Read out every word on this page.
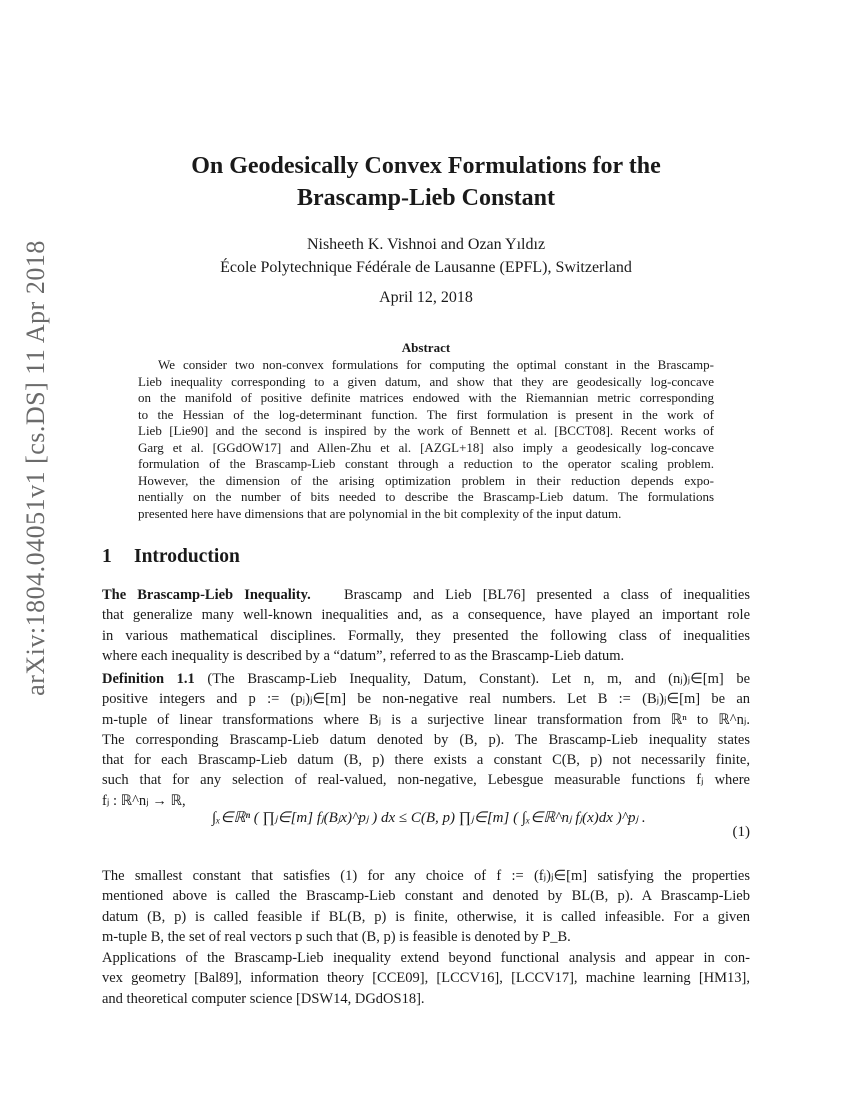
arXiv:1804.04051v1 [cs.DS] 11 Apr 2018
On Geodesically Convex Formulations for the
Brascamp-Lieb Constant
Nisheeth K. Vishnoi and Ozan Yıldız
École Polytechnique Fédérale de Lausanne (EPFL), Switzerland
April 12, 2018
Abstract
We consider two non-convex formulations for computing the optimal constant in the Brascamp-
Lieb inequality corresponding to a given datum, and show that they are geodesically log-concave
on the manifold of positive definite matrices endowed with the Riemannian metric corresponding
to the Hessian of the log-determinant function. The first formulation is present in the work of
Lieb [Lie90] and the second is inspired by the work of Bennett et al. [BCCT08]. Recent works of
Garg et al. [GGdOW17] and Allen-Zhu et al. [AZGL+18] also imply a geodesically log-concave
formulation of the Brascamp-Lieb constant through a reduction to the operator scaling problem.
However, the dimension of the arising optimization problem in their reduction depends expo-
nentially on the number of bits needed to describe the Brascamp-Lieb datum. The formulations
presented here have dimensions that are polynomial in the bit complexity of the input datum.
1 Introduction
The Brascamp-Lieb Inequality. Brascamp and Lieb [BL76] presented a class of inequalities
that generalize many well-known inequalities and, as a consequence, have played an important role
in various mathematical disciplines. Formally, they presented the following class of inequalities
where each inequality is described by a “datum”, referred to as the Brascamp-Lieb datum.
Definition 1.1 (The Brascamp-Lieb Inequality, Datum, Constant). Let n, m, and (nⱼ)ⱼ∈[m] be
positive integers and p := (pⱼ)ⱼ∈[m] be non-negative real numbers. Let B := (Bⱼ)ⱼ∈[m] be an
m-tuple of linear transformations where Bⱼ is a surjective linear transformation from ℝⁿ to ℝ^nⱼ.
The corresponding Brascamp-Lieb datum denoted by (B, p). The Brascamp-Lieb inequality states
that for each Brascamp-Lieb datum (B, p) there exists a constant C(B, p) not necessarily finite,
such that for any selection of real-valued, non-negative, Lebesgue measurable functions fⱼ where
fⱼ : ℝ^nⱼ → ℝ,
∫ₓ∈ℝⁿ ( ∏ⱼ∈[m] fⱼ(Bⱼx)^pⱼ ) dx ≤ C(B, p) ∏ⱼ∈[m] ( ∫ₓ∈ℝ^nⱼ fⱼ(x)dx )^pⱼ .
(1)
The smallest constant that satisfies (1) for any choice of f := (fⱼ)ⱼ∈[m] satisfying the properties
mentioned above is called the Brascamp-Lieb constant and denoted by BL(B, p). A Brascamp-Lieb
datum (B, p) is called feasible if BL(B, p) is finite, otherwise, it is called infeasible. For a given
m-tuple B, the set of real vectors p such that (B, p) is feasible is denoted by P_B.
Applications of the Brascamp-Lieb inequality extend beyond functional analysis and appear in con-
vex geometry [Bal89], information theory [CCE09], [LCCV16], [LCCV17], machine learning [HM13],
and theoretical computer science [DSW14, DGdOS18].
